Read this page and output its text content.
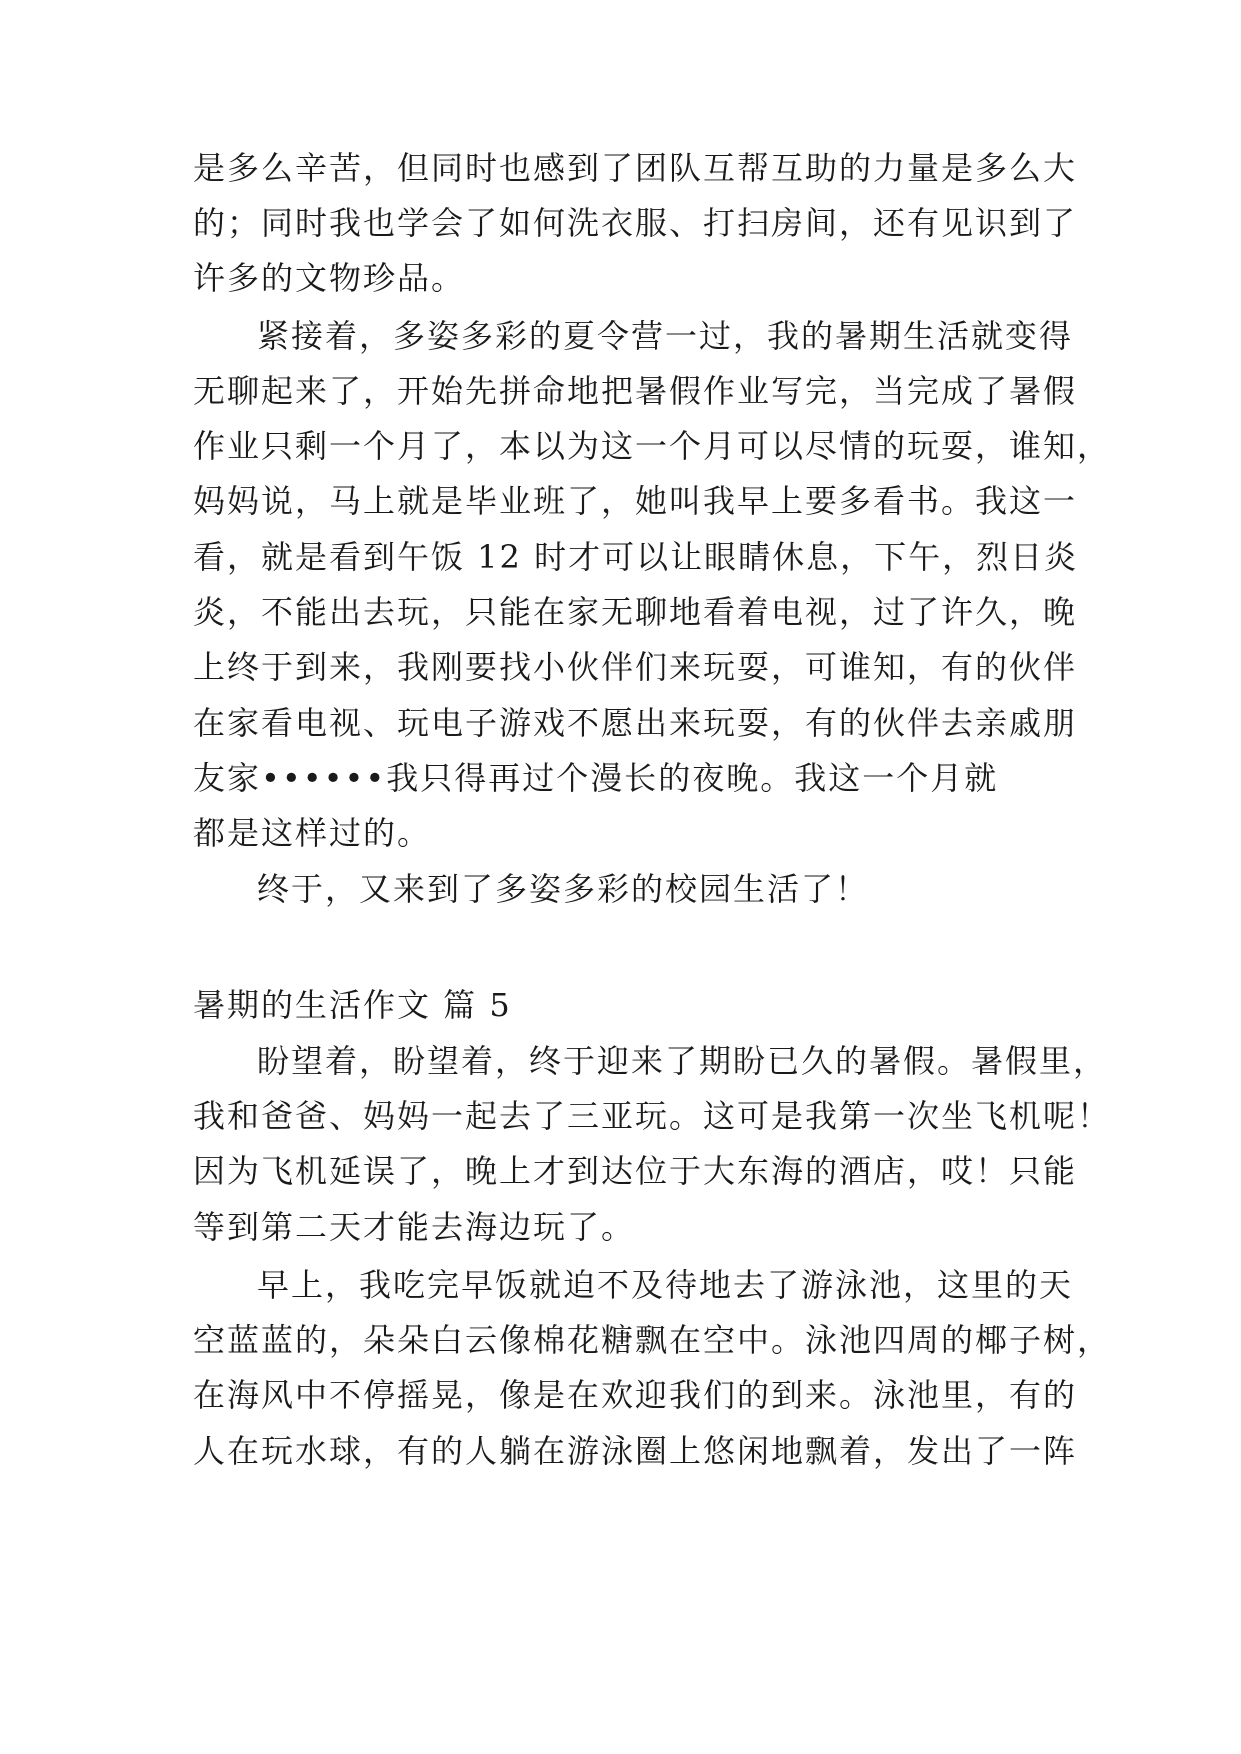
是多么辛苦，但同时也感到了团队互帮互助的力量是多么大
的；同时我也学会了如何洗衣服、打扫房间，还有见识到了
许多的文物珍品。
紧接着，多姿多彩的夏令营一过，我的暑期生活就变得
无聊起来了，开始先拼命地把暑假作业写完，当完成了暑假
作业只剩一个月了，本以为这一个月可以尽情的玩耍，谁知，
妈妈说，马上就是毕业班了，她叫我早上要多看书。我这一
看，就是看到午饭 12 时才可以让眼睛休息，下午，烈日炎
炎，不能出去玩，只能在家无聊地看着电视，过了许久，晚
上终于到来，我刚要找小伙伴们来玩耍，可谁知，有的伙伴
在家看电视、玩电子游戏不愿出来玩耍，有的伙伴去亲戚朋
友家••••••我只得再过个漫长的夜晚。我这一个月就
都是这样过的。
终于，又来到了多姿多彩的校园生活了！
暑期的生活作文 篇 5
盼望着，盼望着，终于迎来了期盼已久的暑假。暑假里，
我和爸爸、妈妈一起去了三亚玩。这可是我第一次坐飞机呢！
因为飞机延误了，晚上才到达位于大东海的酒店，哎！只能
等到第二天才能去海边玩了。
早上，我吃完早饭就迫不及待地去了游泳池，这里的天
空蓝蓝的，朵朵白云像棉花糖飘在空中。泳池四周的椰子树，
在海风中不停摇晃，像是在欢迎我们的到来。泳池里，有的
人在玩水球，有的人躺在游泳圈上悠闲地飘着，发出了一阵
